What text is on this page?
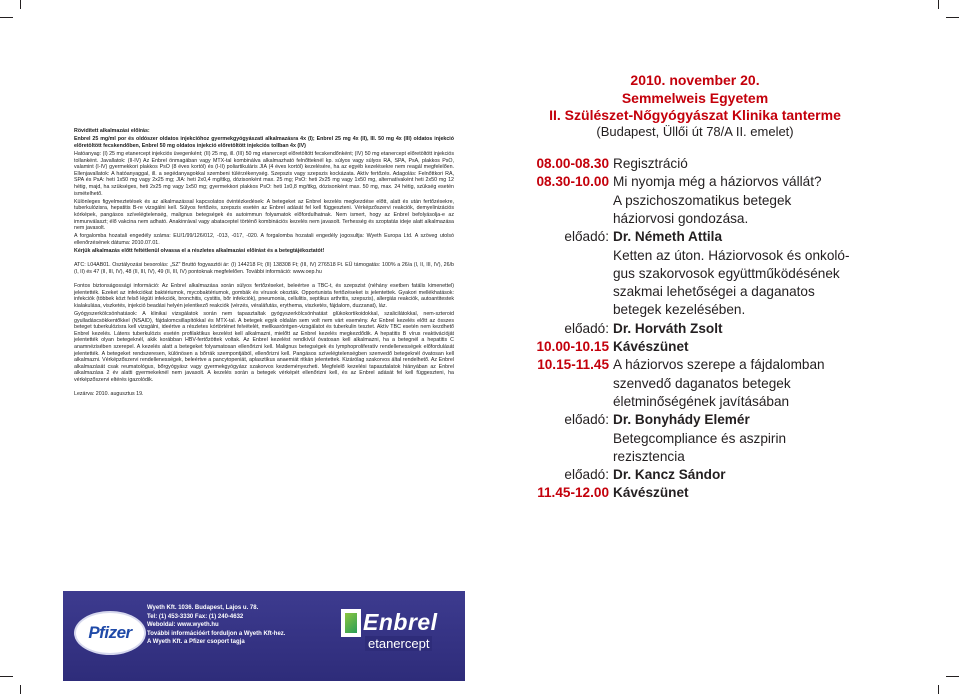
Rövidített alkalmazási előírás:

Enbrel 25 mg/ml por és oldószer oldatos injekcióhoz gyermekgyógyászati alkalmazásra 4x (I); Enbrel 25 mg 4x (II), III. 50 mg 4x (III) oldatos injekció előretöltött fecskendőben, Enbrel 50 mg oldatos injekció előretöltött injekciós tollban 4x (IV)

Hatóanyag: (I) 25 mg etanercept injekciós üvegenként; (II) 25 mg, ill. (III) 50 mg etanercept előretöltött fecskendőnként; (IV) 50 mg etanercept előretöltött injekciós tollanként. Javallatok: (II-IV) Az Enbrel önmagában vagy MTX-tal kombinálva alkalmazható felnőtteknél kp. súlyos vagy súlyos RA, SPA, PsA, plakkos PsO, valamint (I-IV) gyermekkori plakkos PsO (8 éves kortól) és (I-II) poliartikuláris JIA (4 éves kortól) kezelésére, ha az egyéb kezelésekre nem reagál megfelelően. Ellenjavallatok: A hatóanyaggal, ill. a segédanyagokkal szembeni túlérzékenység. Szepszis vagy szepszis kockázata. Aktív fertőzés. Adagolás: Felnőttkori RA, SPA és PsA: heti 1x50 mg vagy 2x25 mg; JIA: heti 2x0,4 mg/ttkg, dózisonként max. 25 mg; PsO: heti 2x25 mg vagy 1x50 mg, alternatívaként heti 2x50 mg 12 hétig, majd, ha szükséges, heti 2x25 mg vagy 1x50 mg; gyermekkori plakkos PsO: heti 1x0,8 mg/ttkg, dózisonként max. 50 mg, max. 24 hétig, szükség esetén ismételhető.

Különleges figyelmeztetések és az alkalmazással kapcsolatos óvintézkedések: A betegeket az Enbrel kezelés megkezdése előtt, alatt és után fertőzésekre, tuberkulózisra, hepatitis B-re vizsgálni kell. Súlyos fertőzés, szepszis esetén az Enbrel adását fel kell függeszteni. Vérképzőszervi reakciók, demyelinizációs kórképek, pangásos szívelégtelenség, malignus betegségek és autoimmun folyamatok előfordulhatnak. Nem ismert, hogy az Enbrel befolyásolja-e az immunválaszt; élő vakcina nem adható. Anakinrával vagy abataceptel történő kombinációs kezelés nem javasolt. Terhesség és szoptatás ideje alatt alkalmazása nem javasolt.

A forgalomba hozatali engedély száma: EU/1/99/126/012, -013, -017, -020. A forgalomba hozatali engedély jogosultja: Wyeth Europa Ltd. A szöveg utolsó ellenőrzésének dátuma: 2010.07.01.

Kérjük alkalmazás előtt feltétlenül olvassa el a részletes alkalmazási előírást és a betegtájékoztatót!

ATC: L04AB01. Osztályozási besorolás: „SZ” Bruttó fogyasztói ár: (I) 144218 Ft; (II) 138308 Ft; (III, IV) 276518 Ft. EÜ támogatás: 100% a 26/a (I, II, III, IV), 26/b (I, II) és 47 (II, III, IV), 48 (II, III, IV), 49 (II, III, IV) pontoknak megfelelően. További információ: www.oep.hu

Fontos biztonságossági információ: Az Enbrel alkalmazása során súlyos fertőzéseket, beleértve a TBC-t, és szepszist (néhány esetben fatális kimenettel) jelentették. Ezeket az infekciókat baktériumok, mycobaktériumok, gombák és vírusok okozták. Opportunista fertőzéseket is jelentettek. Gyakori mellékhatások: infekciók (többek közt felső légúti infekciók, bronchitis, cystitis, bőr infekciók), pneumonia, cellulitis, septikus arthritis, szepszis), allergiás reakciók, autoantitestek kialakulása, viszketés, injekció beadási helyén jelentkező reakciók (vérzés, véraláfutás, erythema, viszketés, fájdalom, duzzanat), láz.

Gyógyszerkölcsönhatások: A klinikai vizsgálatok során nem tapasztaltak gyógyszerkölcsönhatást glükokortikoidokkal, szalicilátokkal, nem-szteroid gyulladáscsökkentőkkel (NSAID), fájdalomcsillapítókkal és MTX-tal. A betegek egyik oldalán sem volt nem várt esemény. Az Enbrel kezelés előtt az összes beteget tuberkulózisra kell vizsgálni, ideértve a részletes kórtörténet felvételét, mellkasröntgen-vizsgálatot és tuberkulin tesztet. Aktív TBC esetén nem kezdhető Enbrel kezelés. Látens tuberkulózis esetén profilaktikus kezelést kell alkalmazni, mielőtt az Enbrel kezelés megkezdődik. A hepatitis B vírus reaktivációját jelentették olyan betegeknél, akik korábban HBV-fertőzöttek voltak. Az Enbrel kezelést rendkívül óvatosan kell alkalmazni, ha a betegnél a hepatitis C anamnézisében szerepel. A kezelés alatt a betegeket folyamatosan ellenőrizni kell. Malignus betegségek és lymphoproliferatív rendellenességek előfordulását jelentették. A betegeket rendszeresen, különösen a bőrrák szempontjából, ellenőrizni kell. Pangásos szívelégtelenségben szenvedő betegeknél óvatosan kell alkalmazni. Vérképzőszervi rendellenességek, beleértve a pancytopeniát, aplasztikus anaemiát ritkán jelentettek. Kizárólag szakorvos által rendelhető. Az Enbrel alkalmazását csak reumatológus, bőrgyógyász vagy gyermekgyógyász szakorvos kezdeményezheti. Megfelelő kezelési tapasztalatok hiányában az Enbrel alkalmazása 2 év alatti gyermekeknél nem javasolt. A kezelés során a betegek vérképét ellenőrizni kell, és az Enbrel adását fel kell függeszteni, ha vérképzőszervi eltérés igazolódik.

Lezárva: 2010. augusztus 19.

Pfizer
Wyeth Kft. 1036. Budapest, Lajos u. 78.
Tel: (1) 453-3330 Fax: (1) 240-4632
Weboldal: www.wyeth.hu
További információért forduljon a Wyeth Kft-hez.
A Wyeth Kft. a Pfizer csoport tagja
Enbrel
etanercept
2010. november 20.
Semmelweis Egyetem
II. Szülészet-Nőgyógyászat Klinika tanterme
(Budapest, Üllői út 78/A II. emelet)
08.00-08.30 Regisztráció
08.30-10.00 Mi nyomja még a háziorvos vállát?
A pszichoszomatikus betegek
háziorvosi gondozása.
előadó: Dr. Németh Attila
Ketten az úton. Háziorvosok és onkoló-
gus szakorvosok együttműködésének
szakmai lehetőségei a daganatos
betegek kezelésében.
előadó: Dr. Horváth Zsolt
10.00-10.15 Kávészünet
10.15-11.45 A háziorvos szerepe a fájdalomban
szenvedő daganatos betegek
életminőségének javításában
előadó: Dr. Bonyhády Elemér
Betegcompliance és aszpirin
rezisztencia
előadó: Dr. Kancz Sándor
11.45-12.00 Kávészünet
